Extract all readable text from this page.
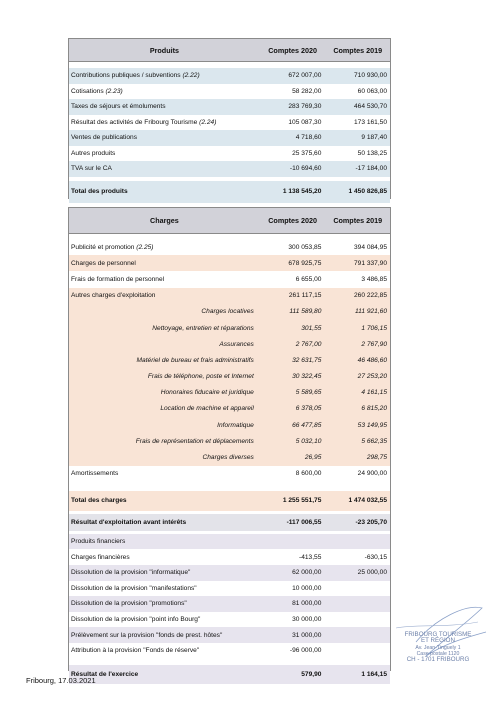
Produits	Comptes 2020	Comptes 2019
Contributions publiques / subventions (2.22)	672 007,00	710 930,00
Cotisations (2.23)	58 282,00	60 063,00
Taxes de séjours et émoluments	283 769,30	464 530,70
Résultat des activités de Fribourg Tourisme (2.24)	105 087,30	173 161,50
Ventes de publications	4 718,60	9 187,40
Autres produits	25 375,60	50 138,25
TVA sur le CA	-10 694,60	-17 184,00
Total des produits	1 138 545,20	1 450 826,85
Charges	Comptes 2020	Comptes 2019
Publicité et promotion (2.25)	300 053,85	394 084,95
Charges de personnel	678 925,75	791 337,90
Frais de formation de personnel	6 655,00	3 486,85
Autres charges d'exploitation	261 117,15	260 222,85
Charges locatives	111 589,80	111 921,60
Nettoyage, entretien et réparations	301,55	1 706,15
Assurances	2 767,00	2 767,90
Matériel de bureau et frais administratifs	32 631,75	46 486,60
Frais de téléphone, poste et Internet	30 322,45	27 253,20
Honoraires fiducaire et juridique	5 589,65	4 161,15
Location de machine et appareil	6 378,05	6 815,20
Informatique	66 477,85	53 149,95
Frais de représentation et déplacements	5 032,10	5 662,35
Charges diverses	26,95	298,75
Amortissements	8 600,00	24 900,00
Total des charges	1 255 551,75	1 474 032,55
Résultat d'exploitation avant intérêts	-117 006,55	-23 205,70
Produits financiers
Charges financières	-413,55	-630,15
Dissolution de la provision "informatique"	62 000,00	25 000,00
Dissolution de la provision "manifestations"	10 000,00
Dissolution de la provision "promotions"	81 000,00
Dissolution de la provision "point info Bourg"	30 000,00
Prélèvement sur la provision "fonds de prest. hôtes"	31 000,00
Attribution à la provision "Fonds de réserve"	-96 000,00
Résultat de l'exercice	579,90	1 164,15
FRIBOURG TOURISME
ET RÉGION
Av. Jean-Tinguely 1
Case postale 1120
CH - 1701 FRIBOURG
Fribourg, 17.03.2021
